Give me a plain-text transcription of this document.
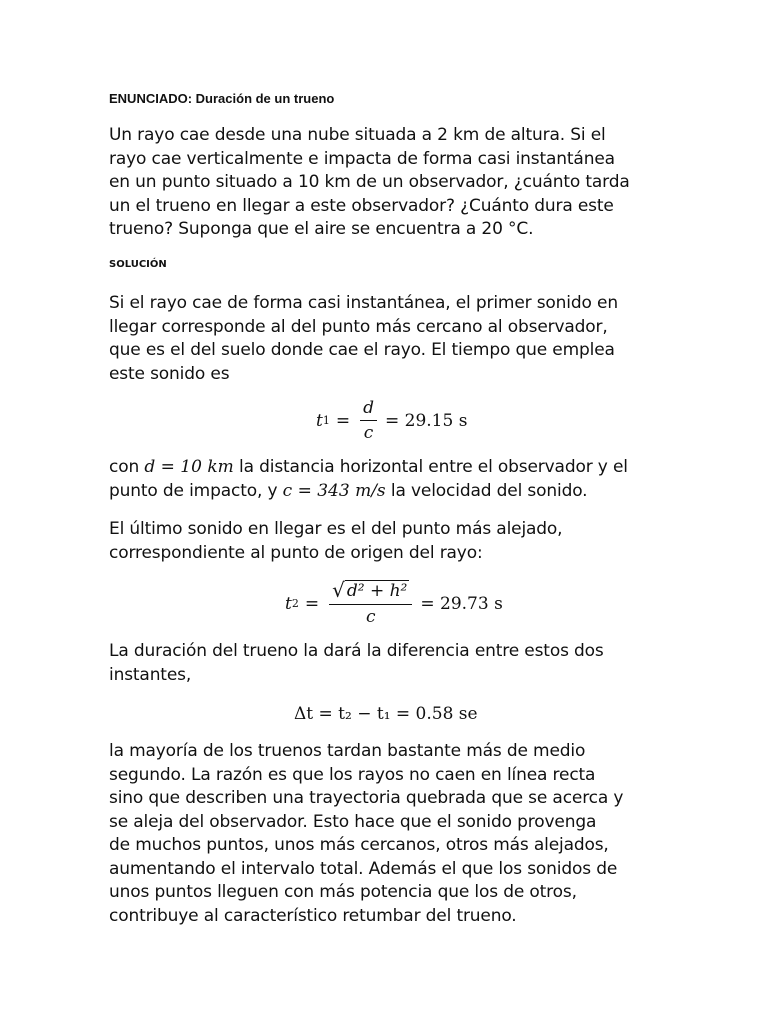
ENUNCIADO: Duración de un trueno
Un rayo cae desde una nube situada a 2 km de altura. Si el
rayo cae verticalmente e impacta de forma casi instantánea
en un punto situado a 10 km de un observador, ¿cuánto tarda
un el trueno en llegar a este observador? ¿Cuánto dura este
trueno? Suponga que el aire se encuentra a 20 °C.
SOLUCIÓN
Si el rayo cae de forma casi instantánea, el primer sonido en
llegar corresponde al del punto más cercano al observador,
que es el del suelo donde cae el rayo. El tiempo que emplea
este sonido es
t $1 = \frac{d}{c} = 29.15$ s
con d = 10 km la distancia horizontal entre el observador y el
punto de impacto, y c = 343 m/s la velocidad del sonido.
El último sonido en llegar es el del punto más alejado,
correspondiente al punto de origen del rayo:
t $2 = \frac{\text{√ d² + h²}}{c} = 29.73$ s
La duración del trueno la dará la diferencia entre estos dos
instantes,
Δt = t₂ − t₁ = 0.58 se
la mayoría de los truenos tardan bastante más de medio
segundo. La razón es que los rayos no caen en línea recta
sino que describen una trayectoria quebrada que se acerca y
se aleja del observador. Esto hace que el sonido provenga
de muchos puntos, unos más cercanos, otros más alejados,
aumentando el intervalo total. Además el que los sonidos de
unos puntos lleguen con más potencia que los de otros,
contribuye al característico retumbar del trueno.
